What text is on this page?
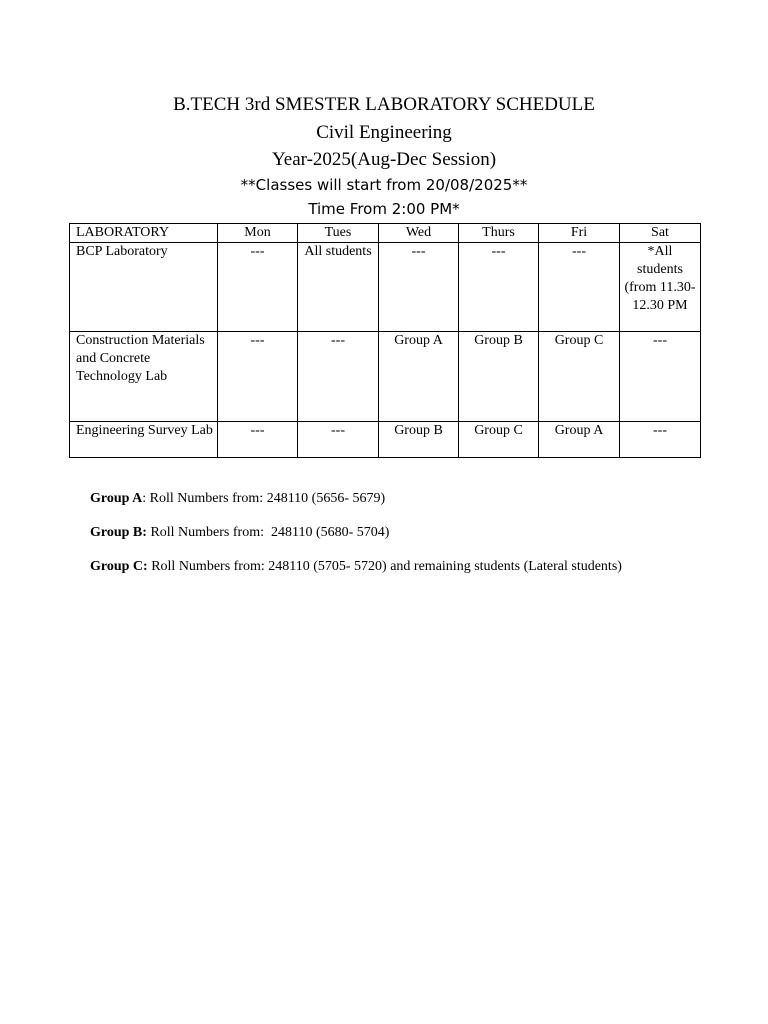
B.TECH 3rd SMESTER LABORATORY SCHEDULE
Civil Engineering
Year-2025(Aug-Dec Session)
**Classes will start from 20/08/2025**
Time From 2:00 PM*
LABORATORY	Mon	Tues	Wed	Thurs	Fri	Sat
BCP Laboratory	---	All students	---	---	---	*All students (from 11.30-12.30 PM
Construction Materials and Concrete Technology Lab	---	---	Group A	Group B	Group C	---
Engineering Survey Lab	---	---	Group B	Group C	Group A	---
Group A: Roll Numbers from: 248110 (5656- 5679)
Group B: Roll Numbers from:  248110 (5680- 5704)
Group C: Roll Numbers from: 248110 (5705- 5720) and remaining students (Lateral students)
